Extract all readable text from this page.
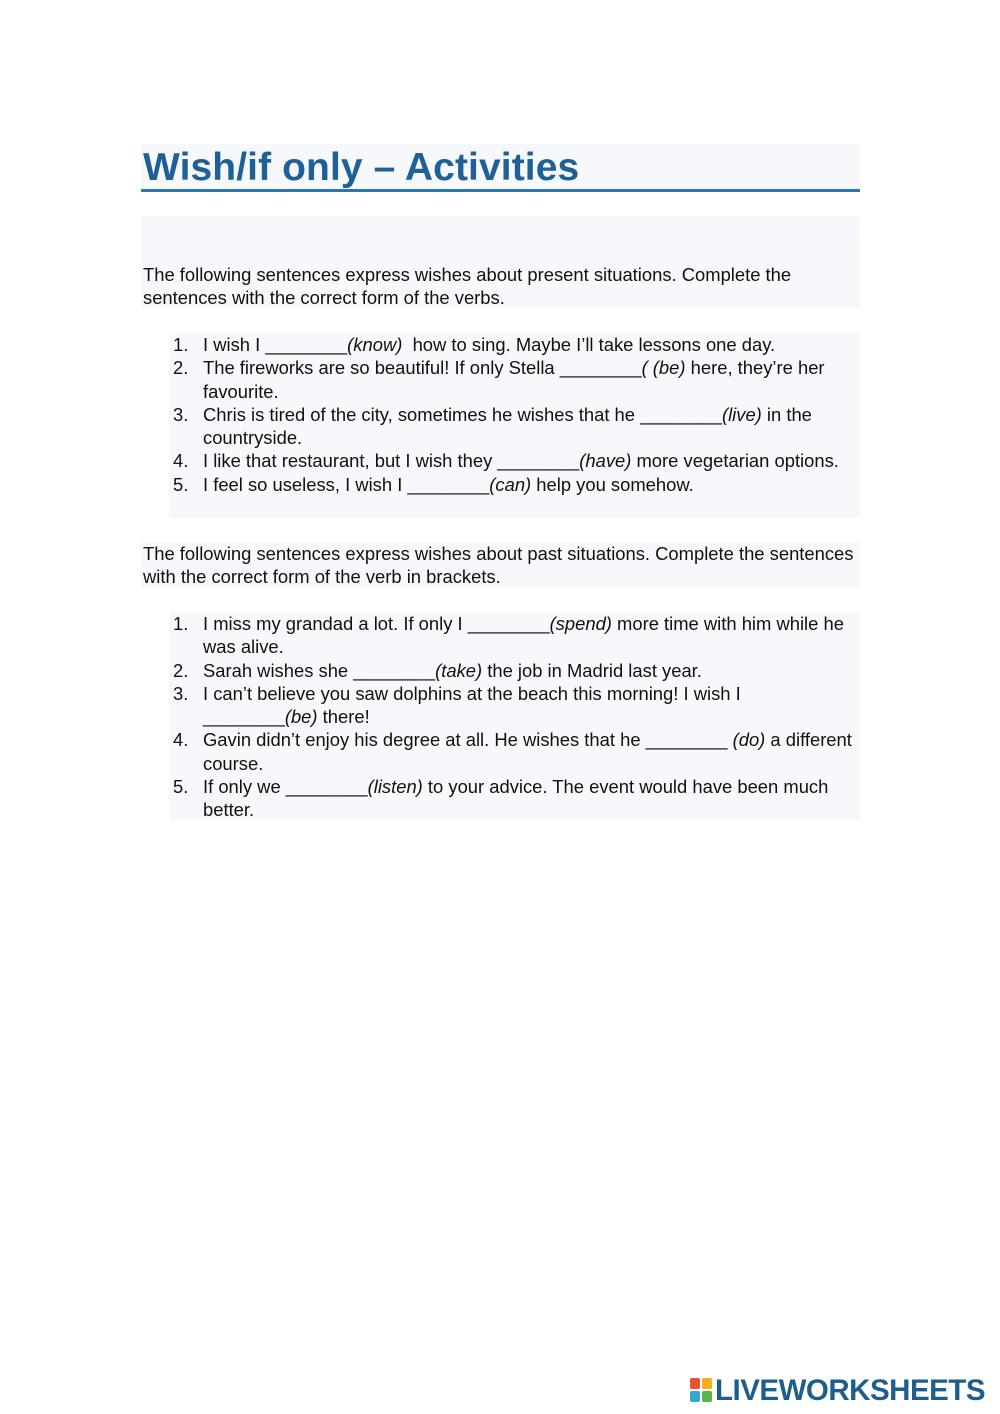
Wish/if only – Activities

The following sentences express wishes about present situations. Complete the sentences with the correct form of the verbs.

1. I wish I ________(know)  how to sing. Maybe I’ll take lessons one day.
2. The fireworks are so beautiful! If only Stella ________( (be) here, they’re her favourite.
3. Chris is tired of the city, sometimes he wishes that he ________(live) in the countryside.
4. I like that restaurant, but I wish they ________(have) more vegetarian options.
5. I feel so useless, I wish I ________(can) help you somehow.

The following sentences express wishes about past situations. Complete the sentences with the correct form of the verb in brackets.

1. I miss my grandad a lot. If only I ________(spend) more time with him while he was alive.
2. Sarah wishes she ________(take) the job in Madrid last year.
3. I can’t believe you saw dolphins at the beach this morning! I wish I ________(be) there!
4. Gavin didn’t enjoy his degree at all. He wishes that he ________ (do) a different course.
5. If only we ________(listen) to your advice. The event would have been much better.
LIVEWORKSHEETS
